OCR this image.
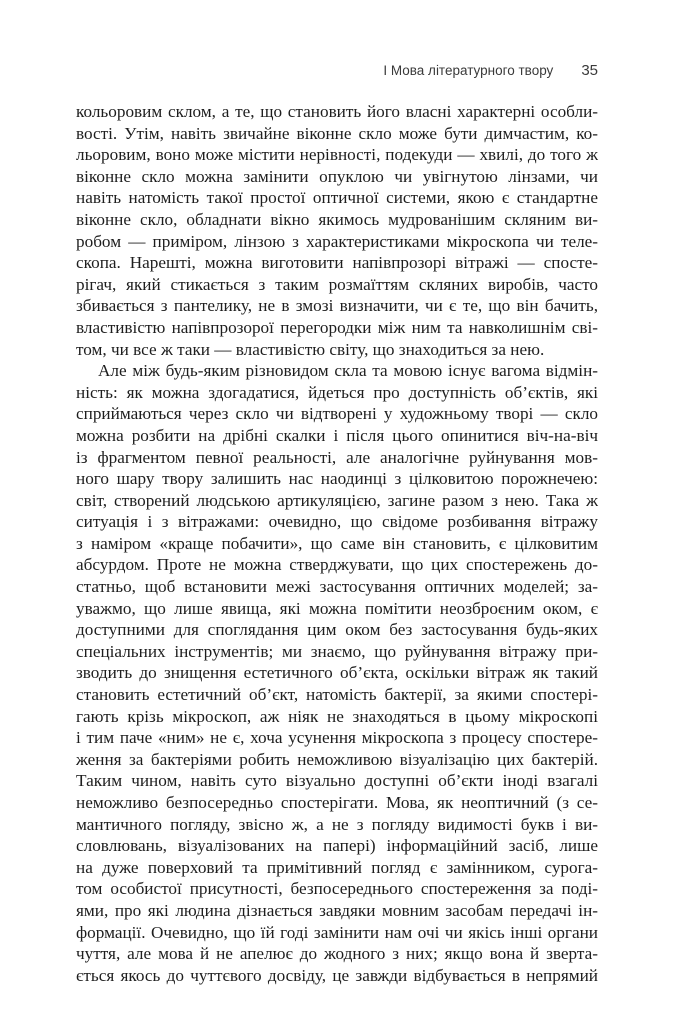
I Мова літературного твору 35
кольоровим склом, а те, що становить його власні характерні особли-
вості. Утім, навіть звичайне віконне скло може бути димчастим, ко-
льоровим, воно може містити нерівності, подекуди — хвилі, до того ж
віконне скло можна замінити опуклою чи увігнутою лінзами, чи
навіть натомість такої простої оптичної системи, якою є стандартне
віконне скло, обладнати вікно якимось мудрованішим скляним ви-
робом — приміром, лінзою з характеристиками мікроскопа чи теле-
скопа. Нарешті, можна виготовити напівпрозорі вітражі — спосте-
рігач, який стикається з таким розмаїттям скляних виробів, часто
збивається з пантелику, не в змозі визначити, чи є те, що він бачить,
властивістю напівпрозорої перегородки між ним та навколишнім сві-
том, чи все ж таки — властивістю світу, що знаходиться за нею.
Але між будь-яким різновидом скла та мовою існує вагома відмін-
ність: як можна здогадатися, йдеться про доступність об’єктів, які
сприймаються через скло чи відтворені у художньому творі — скло
можна розбити на дрібні скалки і після цього опинитися віч-на-віч
із фрагментом певної реальності, але аналогічне руйнування мов-
ного шару твору залишить нас наодинці з цілковитою порожнечею:
світ, створений людською артикуляцією, загине разом з нею. Така ж
ситуація і з вітражами: очевидно, що свідоме розбивання вітражу
з наміром «краще побачити», що саме він становить, є цілковитим
абсурдом. Проте не можна стверджувати, що цих спостережень до-
статньо, щоб встановити межі застосування оптичних моделей; за-
уважмо, що лише явища, які можна помітити неозброєним оком, є
доступними для споглядання цим оком без застосування будь-яких
спеціальних інструментів; ми знаємо, що руйнування вітражу при-
зводить до знищення естетичного об’єкта, оскільки вітраж як такий
становить естетичний об’єкт, натомість бактерії, за якими спостері-
гають крізь мікроскоп, аж ніяк не знаходяться в цьому мікроскопі
і тим паче «ним» не є, хоча усунення мікроскопа з процесу спостере-
ження за бактеріями робить неможливою візуалізацію цих бактерій.
Таким чином, навіть суто візуально доступні об’єкти іноді взагалі
неможливо безпосередньо спостерігати. Мова, як неоптичний (з се-
мантичного погляду, звісно ж, а не з погляду видимості букв і ви-
словлювань, візуалізованих на папері) інформаційний засіб, лише
на дуже поверховий та примітивний погляд є замінником, сурога-
том особистої присутності, безпосереднього спостереження за поді-
ями, про які людина дізнається завдяки мовним засобам передачі ін-
формації. Очевидно, що їй годі замінити нам очі чи якісь інші органи
чуття, але мова й не апелює до жодного з них; якщо вона й зверта-
ється якось до чуттєвого досвіду, це завжди відбувається в непрямий
